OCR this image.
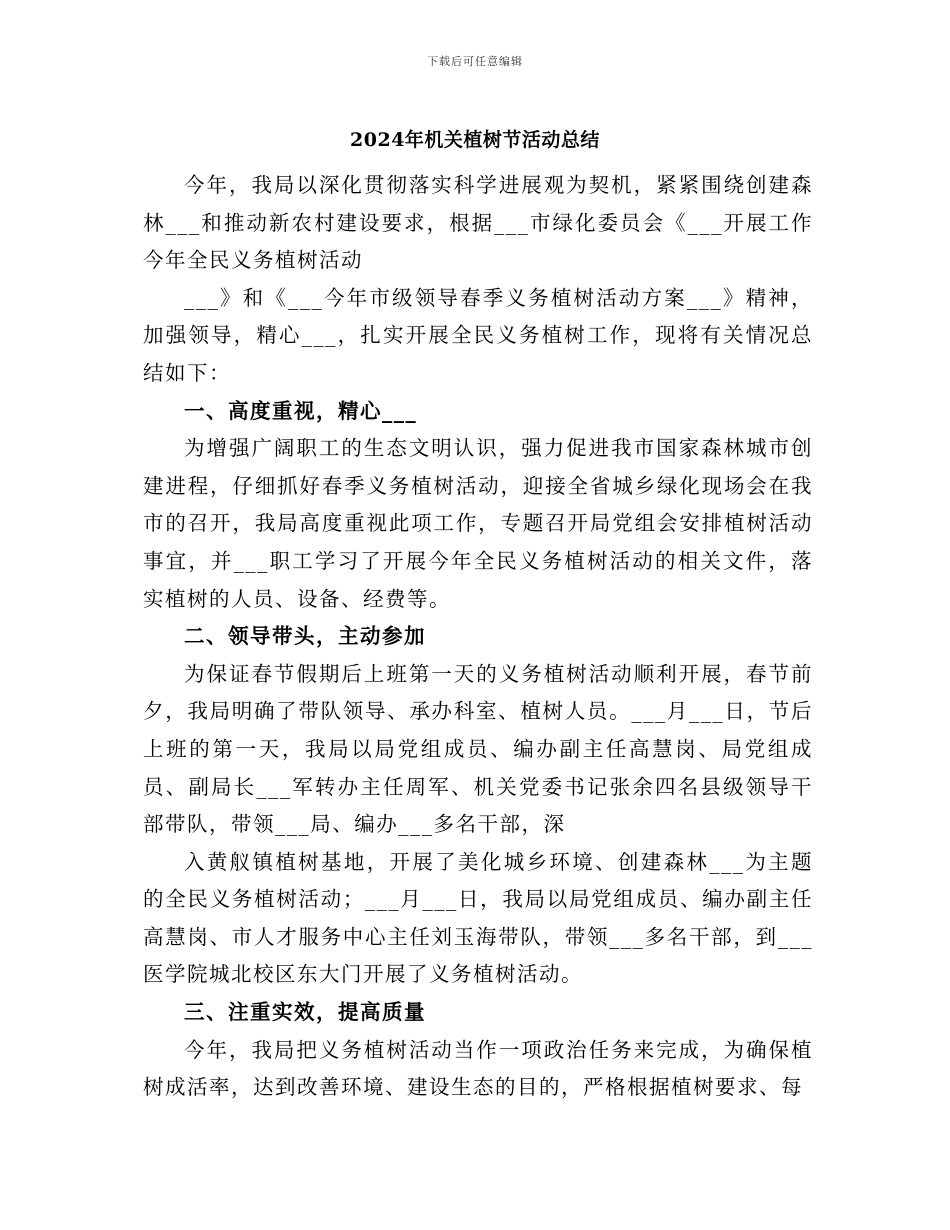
下载后可任意编辑
2024年机关植树节活动总结

今年，我局以深化贯彻落实科学进展观为契机，紧紧围绕创建森林___和推动新农村建设要求，根据___市绿化委员会《___开展工作今年全民义务植树活动

___》和《___今年市级领导春季义务植树活动方案___》精神，加强领导，精心___，扎实开展全民义务植树工作，现将有关情况总结如下：

一、高度重视，精心___

为增强广阔职工的生态文明认识，强力促进我市国家森林城市创建进程，仔细抓好春季义务植树活动，迎接全省城乡绿化现场会在我市的召开，我局高度重视此项工作，专题召开局党组会安排植树活动事宜，并___职工学习了开展今年全民义务植树活动的相关文件，落实植树的人员、设备、经费等。

二、领导带头，主动参加

为保证春节假期后上班第一天的义务植树活动顺利开展，春节前夕，我局明确了带队领导、承办科室、植树人员。___月___日，节后上班的第一天，我局以局党组成员、编办副主任高慧岗、局党组成员、副局长___军转办主任周军、机关党委书记张余四名县级领导干部带队，带领___局、编办___多名干部，深

入黄舣镇植树基地，开展了美化城乡环境、创建森林___为主题的全民义务植树活动；___月___日，我局以局党组成员、编办副主任高慧岗、市人才服务中心主任刘玉海带队，带领___多名干部，到___医学院城北校区东大门开展了义务植树活动。

三、注重实效，提高质量

今年，我局把义务植树活动当作一项政治任务来完成，为确保植树成活率，达到改善环境、建设生态的目的，严格根据植树要求、每
